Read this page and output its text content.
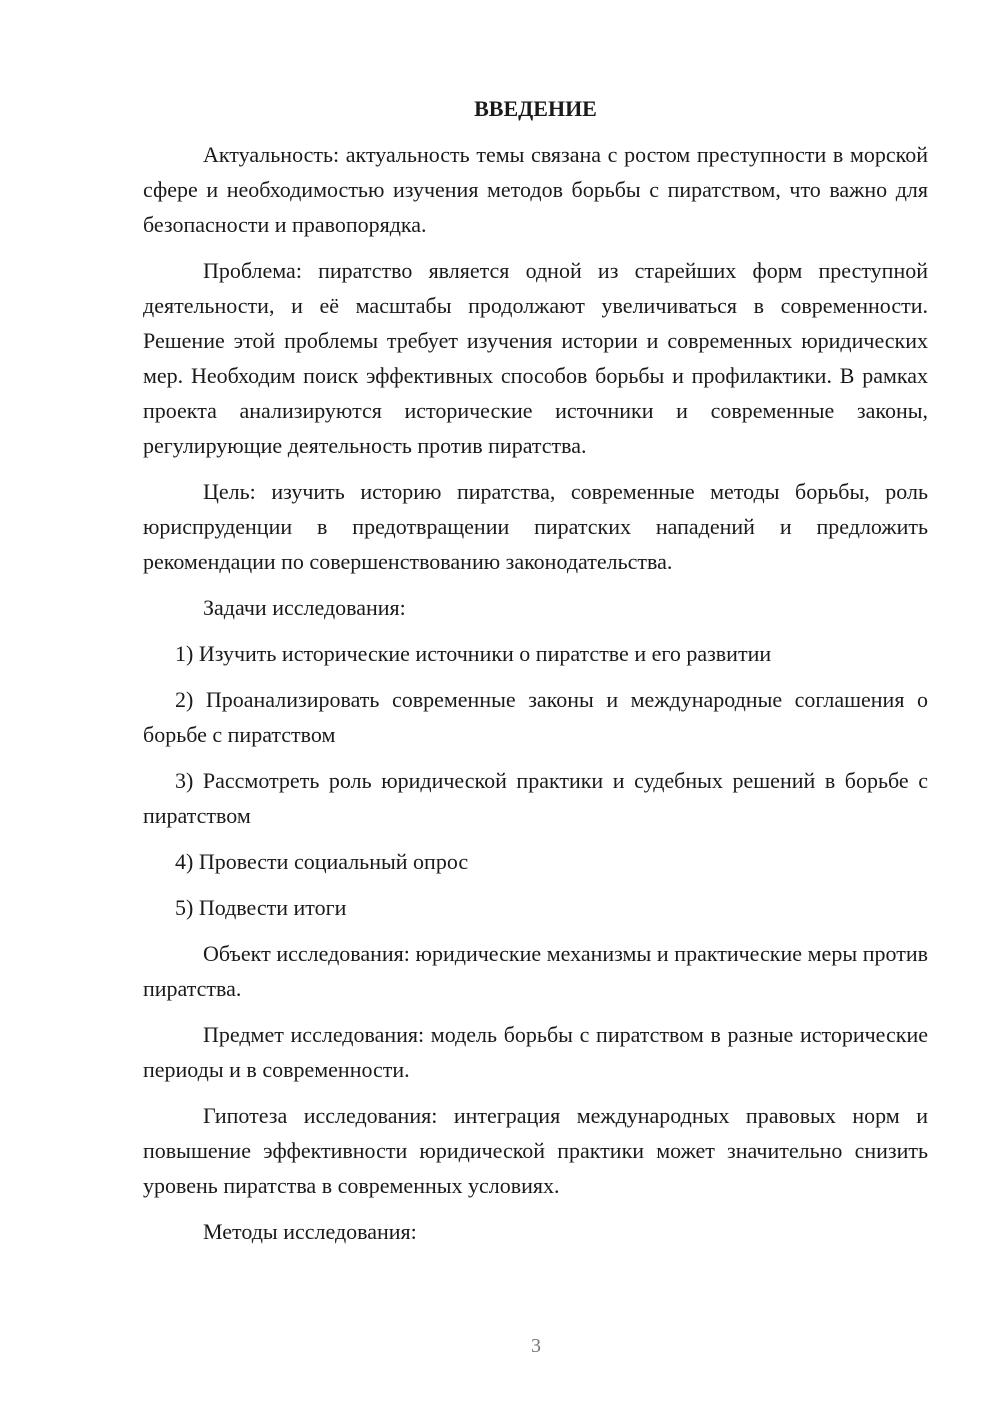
ВВЕДЕНИЕ

Актуальность: актуальность темы связана с ростом преступности в морской сфере и необходимостью изучения методов борьбы с пиратством, что важно для безопасности и правопорядка.

Проблема: пиратство является одной из старейших форм преступной деятельности, и её масштабы продолжают увеличиваться в современности. Решение этой проблемы требует изучения истории и современных юридических мер. Необходим поиск эффективных способов борьбы и профилактики. В рамках проекта анализируются исторические источники и современные законы, регулирующие деятельность против пиратства.

Цель: изучить историю пиратства, современные методы борьбы, роль юриспруденции в предотвращении пиратских нападений и предложить рекомендации по совершенствованию законодательства.

Задачи исследования:

1) Изучить исторические источники о пиратстве и его развитии

2) Проанализировать современные законы и международные соглашения о борьбе с пиратством

3) Рассмотреть роль юридической практики и судебных решений в борьбе с пиратством

4) Провести социальный опрос

5) Подвести итоги

Объект исследования: юридические механизмы и практические меры против пиратства.

Предмет исследования: модель борьбы с пиратством в разные исторические периоды и в современности.

Гипотеза исследования: интеграция международных правовых норм и повышение эффективности юридической практики может значительно снизить уровень пиратства в современных условиях.

Методы исследования:

3
